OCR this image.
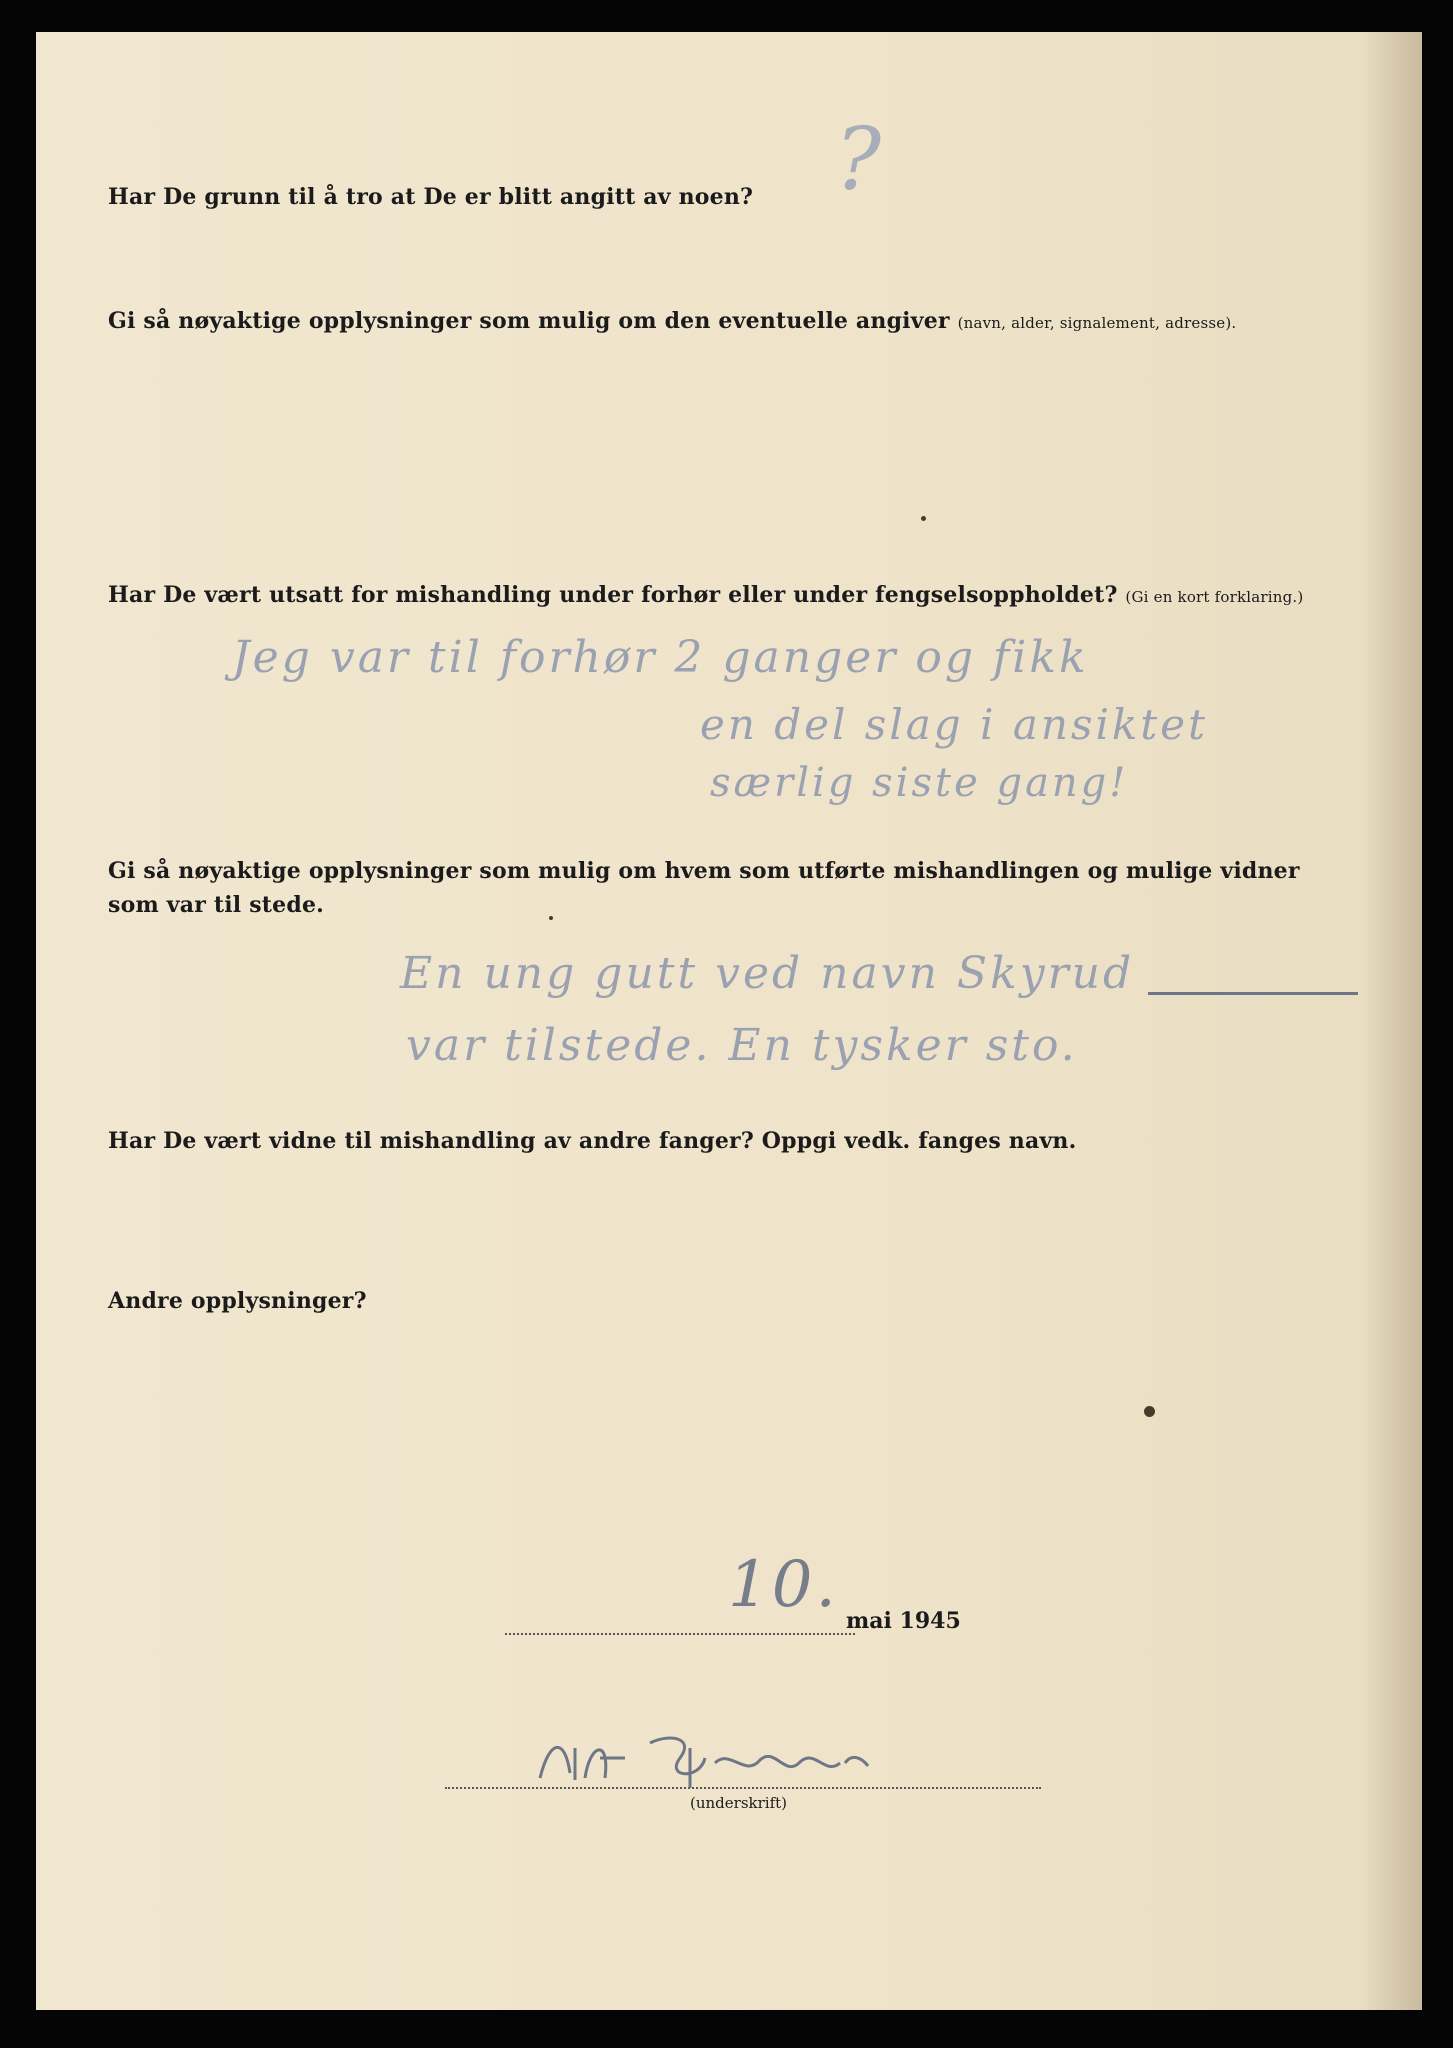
Har De grunn til å tro at De er blitt angitt av noen? ?
Gi så nøyaktige opplysninger som mulig om den eventuelle angiver (navn, alder, signalement, adresse).
Har De vært utsatt for mishandling under forhør eller under fengselsoppholdet? (Gi en kort forklaring.)
Jeg var til forhør 2 ganger og fikk
en del slag i ansiktet
særlig siste gang!
Gi så nøyaktige opplysninger som mulig om hvem som utførte mishandlingen og mulige vidner
som var til stede.
En ung gutt ved navn Skyrud
var tilstede. En tysker sto.
Har De vært vidne til mishandling av andre fanger? Oppgi vedk. fanges navn.
Andre opplysninger?
10. mai 1945
(underskrift)
